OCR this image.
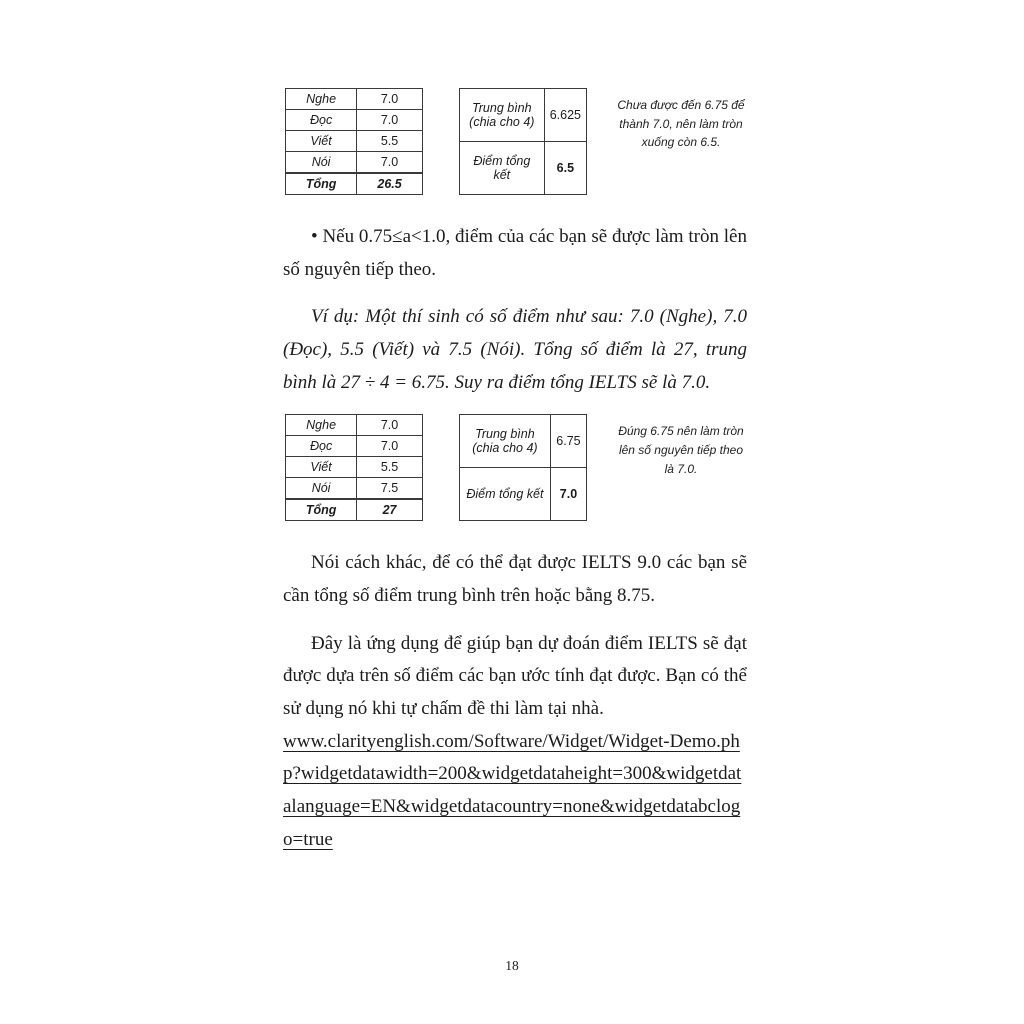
Nghe	7.0
Đọc	7.0
Viết	5.5
Nói	7.0
Tổng	26.5
Trung bình (chia cho 4)	6.625
Điểm tổng kết	6.5
Chưa được đến 6.75 để thành 7.0, nên làm tròn xuống còn 6.5.

• Nếu 0.75≤a<1.0, điểm của các bạn sẽ được làm tròn lên số nguyên tiếp theo.

Ví dụ: Một thí sinh có số điểm như sau: 7.0 (Nghe), 7.0 (Đọc), 5.5 (Viết) và 7.5 (Nói). Tổng số điểm là 27, trung bình là 27 ÷ 4 = 6.75. Suy ra điểm tổng IELTS sẽ là 7.0.

Nghe	7.0
Đọc	7.0
Viết	5.5
Nói	7.5
Tổng	27
Trung bình (chia cho 4)	6.75
Điểm tổng kết	7.0
Đúng 6.75 nên làm tròn lên số nguyên tiếp theo là 7.0.

Nói cách khác, để có thể đạt được IELTS 9.0 các bạn sẽ cần tổng số điểm trung bình trên hoặc bằng 8.75.

Đây là ứng dụng để giúp bạn dự đoán điểm IELTS sẽ đạt được dựa trên số điểm các bạn ước tính đạt được. Bạn có thể sử dụng nó khi tự chấm đề thi làm tại nhà.
www.clarityenglish.com/Software/Widget/Widget-Demo.php?widgetdatawidth=200&widgetdataheight=300&widgetdatalanguage=EN&widgetdatacountry=none&widgetdatabclogo=true

18
